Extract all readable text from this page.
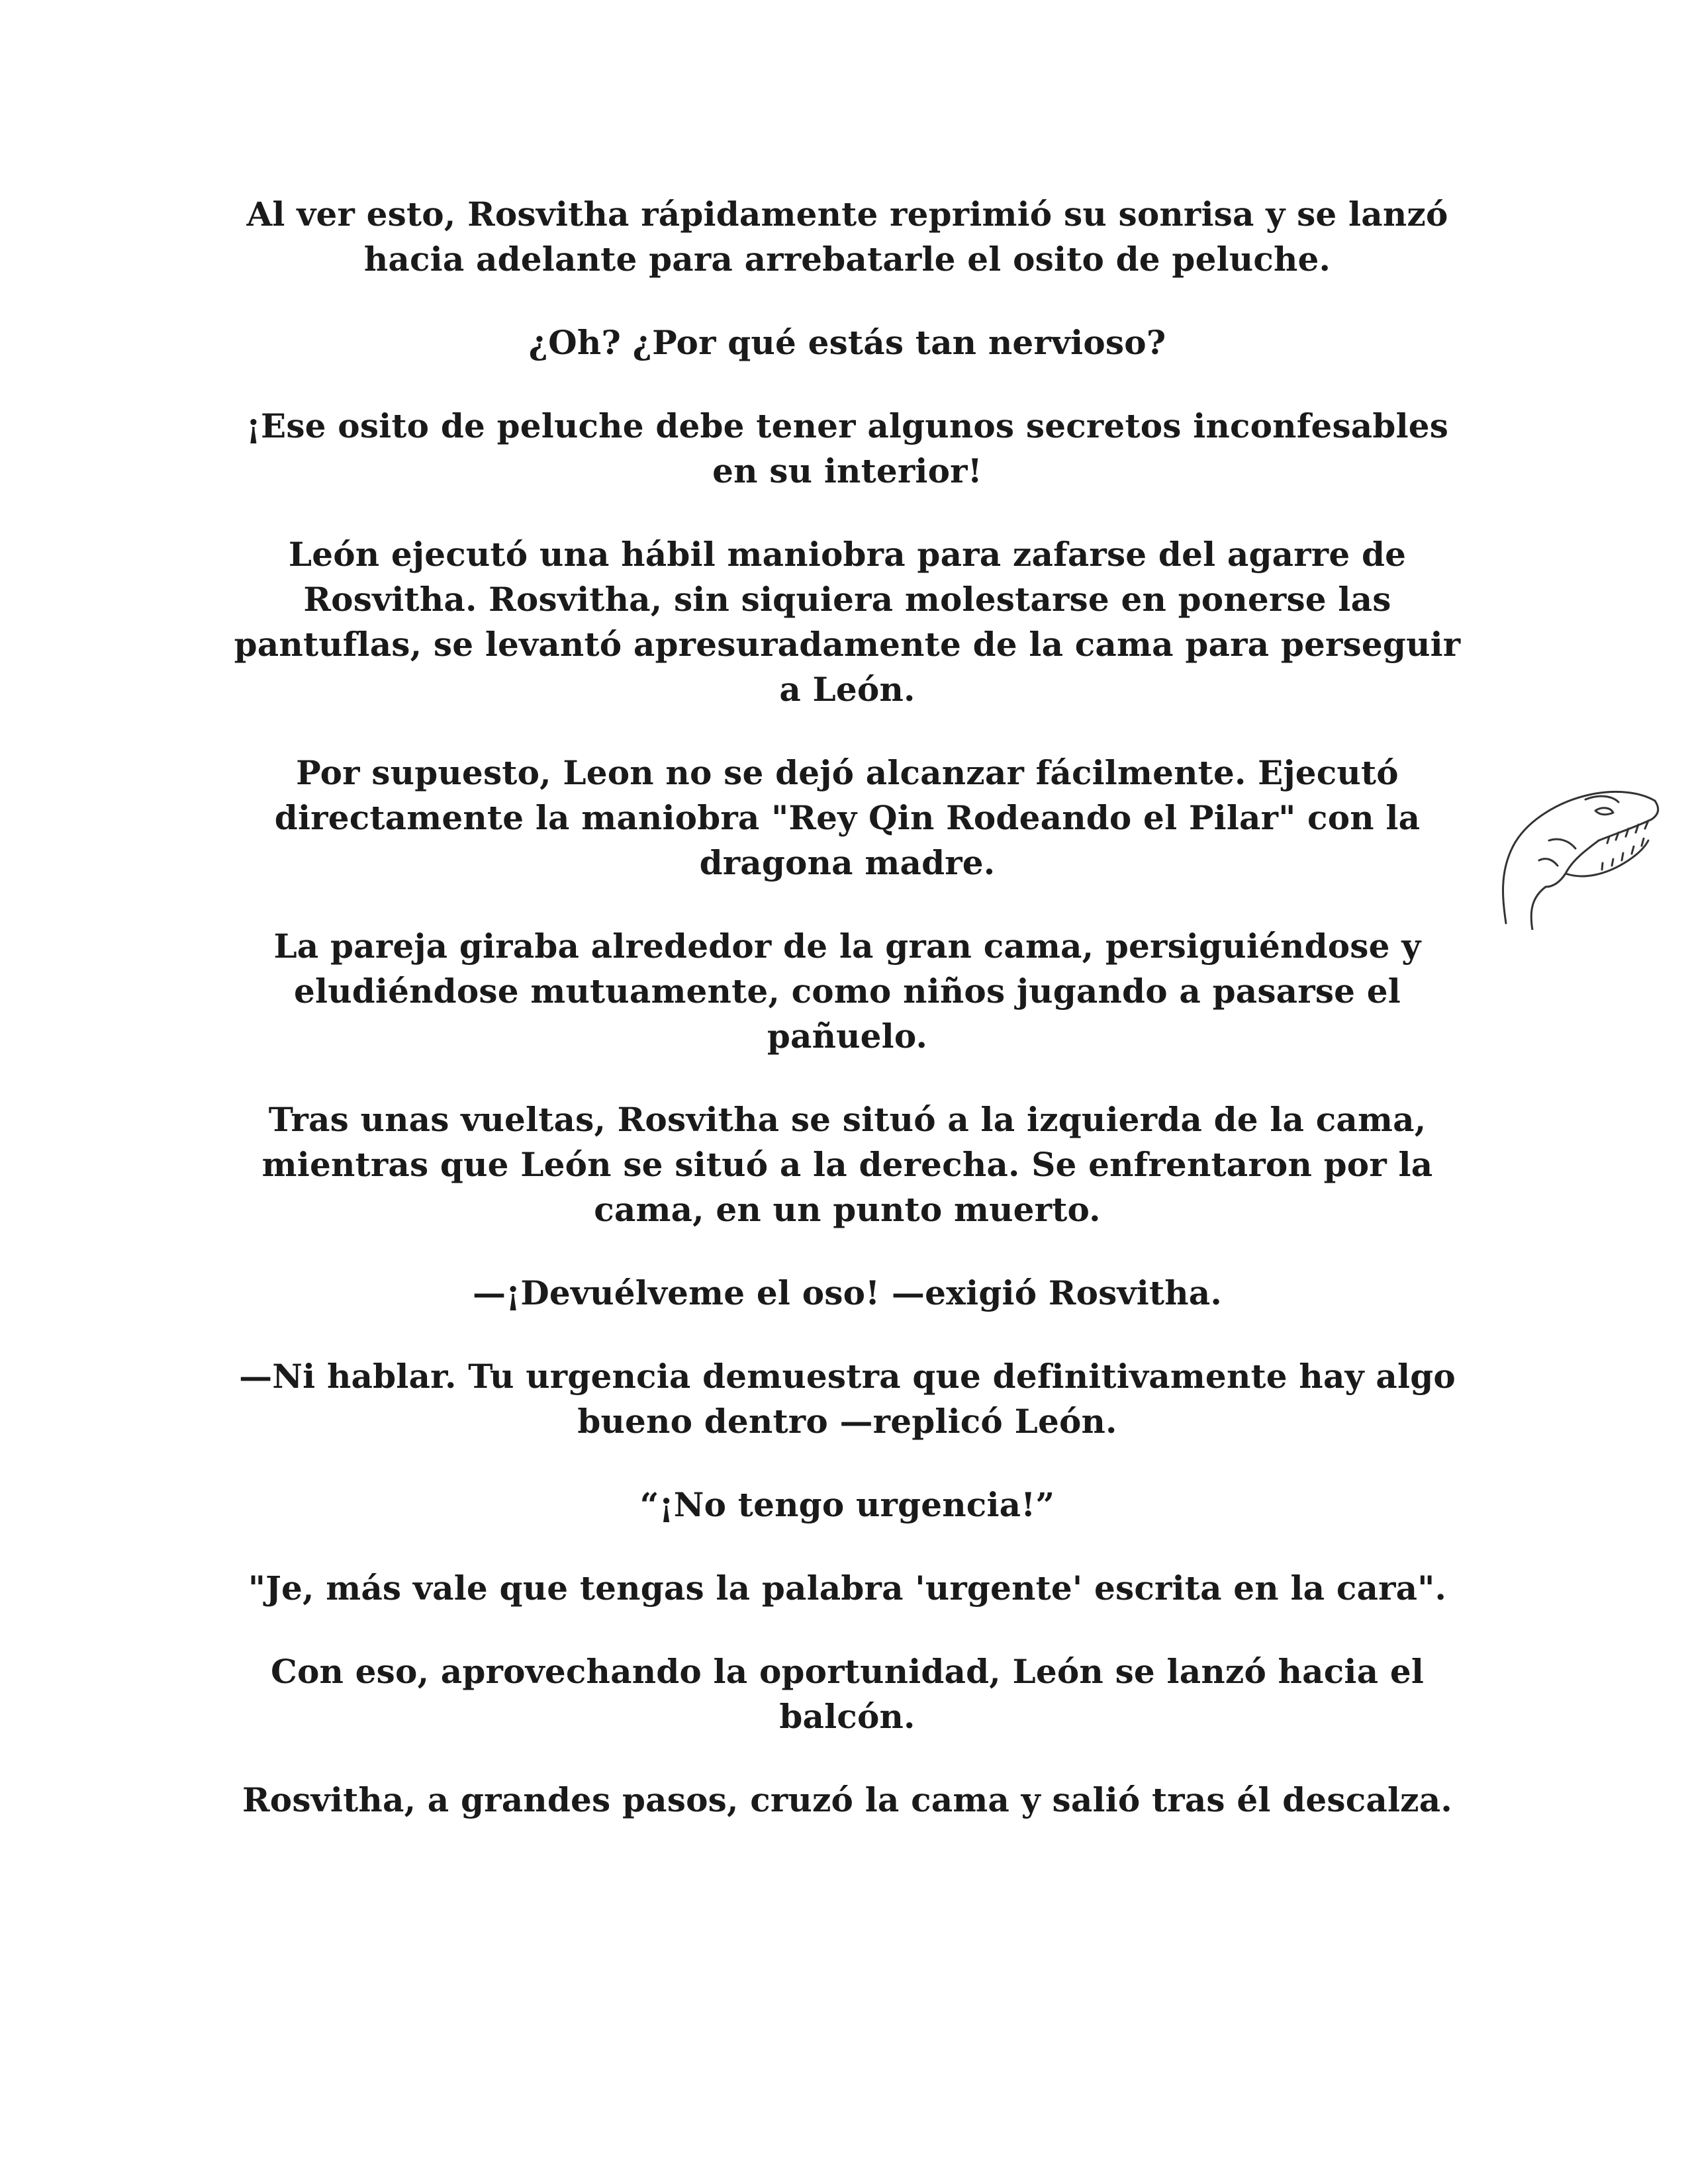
Al ver esto, Rosvitha rápidamente reprimió su sonrisa y se lanzó hacia adelante para arrebatarle el osito de peluche.

¿Oh? ¿Por qué estás tan nervioso?

¡Ese osito de peluche debe tener algunos secretos inconfesables en su interior!

León ejecutó una hábil maniobra para zafarse del agarre de Rosvitha. Rosvitha, sin siquiera molestarse en ponerse las pantuflas, se levantó apresuradamente de la cama para perseguir a León.

Por supuesto, Leon no se dejó alcanzar fácilmente. Ejecutó directamente la maniobra "Rey Qin Rodeando el Pilar" con la dragona madre.

La pareja giraba alrededor de la gran cama, persiguiéndose y eludiéndose mutuamente, como niños jugando a pasarse el pañuelo.

Tras unas vueltas, Rosvitha se situó a la izquierda de la cama, mientras que León se situó a la derecha. Se enfrentaron por la cama, en un punto muerto.

—¡Devuélveme el oso! —exigió Rosvitha.

—Ni hablar. Tu urgencia demuestra que definitivamente hay algo bueno dentro —replicó León.

“¡No tengo urgencia!”

"Je, más vale que tengas la palabra 'urgente' escrita en la cara".

Con eso, aprovechando la oportunidad, León se lanzó hacia el balcón.

Rosvitha, a grandes pasos, cruzó la cama y salió tras él descalza.
